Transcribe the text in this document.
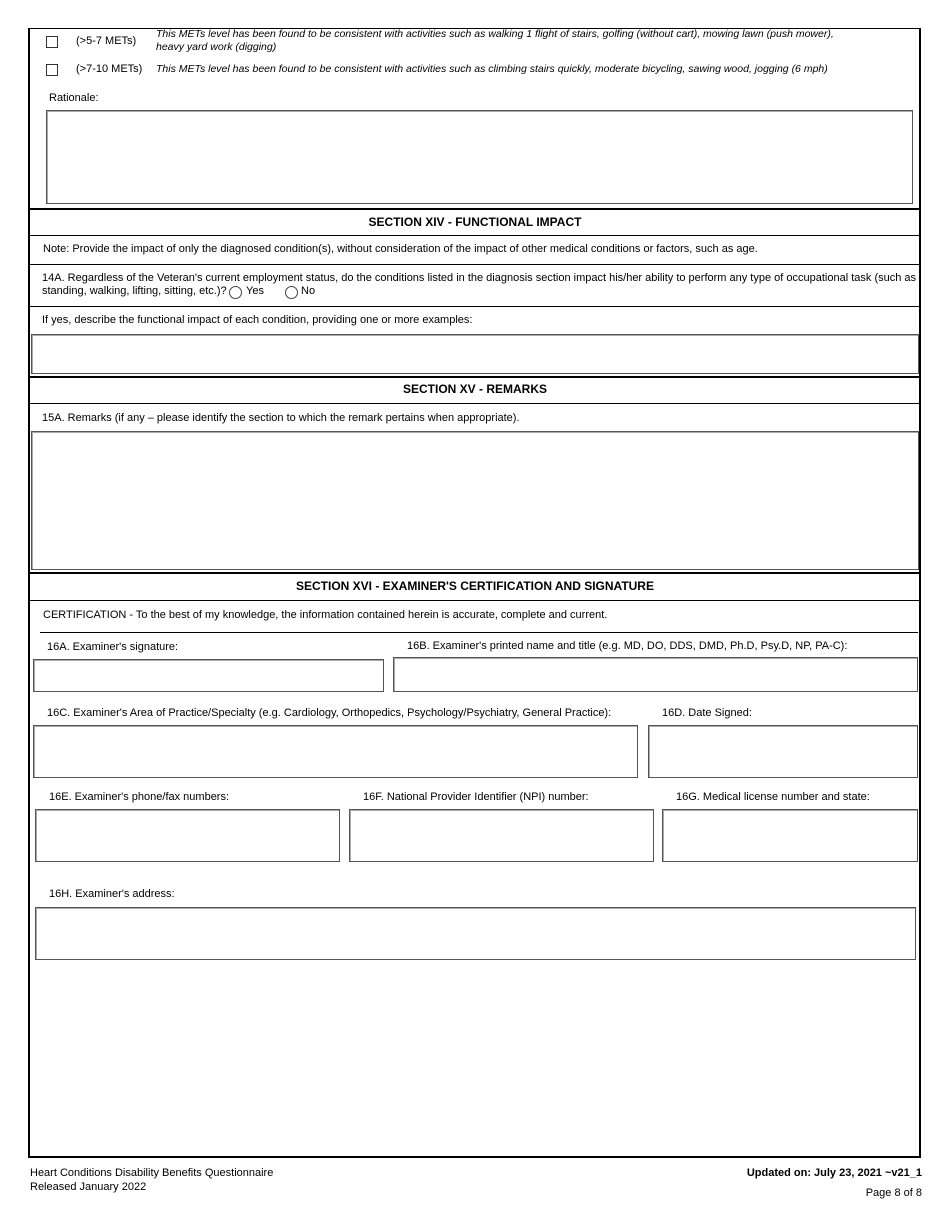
(>5-7 METs)
This METs level has been found to be consistent with activities such as walking 1 flight of stairs, golfing (without cart), mowing lawn (push mower),
heavy yard work (digging)
(>7-10 METs) This METs level has been found to be consistent with activities such as climbing stairs quickly, moderate bicycling, sawing wood, jogging (6 mph)
Rationale:
SECTION XIV - FUNCTIONAL IMPACT
Note: Provide the impact of only the diagnosed condition(s), without consideration of the impact of other medical conditions or factors, such as age.
14A. Regardless of the Veteran's current employment status, do the conditions listed in the diagnosis section impact his/her ability to perform any type of occupational task (such as
standing, walking, lifting, sitting, etc.)? Yes	No
If yes, describe the functional impact of each condition, providing one or more examples:
SECTION XV - REMARKS
15A. Remarks (if any – please identify the section to which the remark pertains when appropriate).
SECTION XVI - EXAMINER'S CERTIFICATION AND SIGNATURE
CERTIFICATION - To the best of my knowledge, the information contained herein is accurate, complete and current.
16A. Examiner's signature:	16B. Examiner's printed name and title (e.g. MD, DO, DDS, DMD, Ph.D, Psy.D, NP, PA-C):
16C. Examiner's Area of Practice/Specialty (e.g. Cardiology, Orthopedics, Psychology/Psychiatry, General Practice):	16D. Date Signed:
16E. Examiner's phone/fax numbers:	16F. National Provider Identifier (NPI) number:	16G. Medical license number and state:
16H. Examiner's address:
Heart Conditions Disability Benefits Questionnaire
Released January 2022
Updated on: July 23, 2021 ~v21_1
Page 8 of 8
